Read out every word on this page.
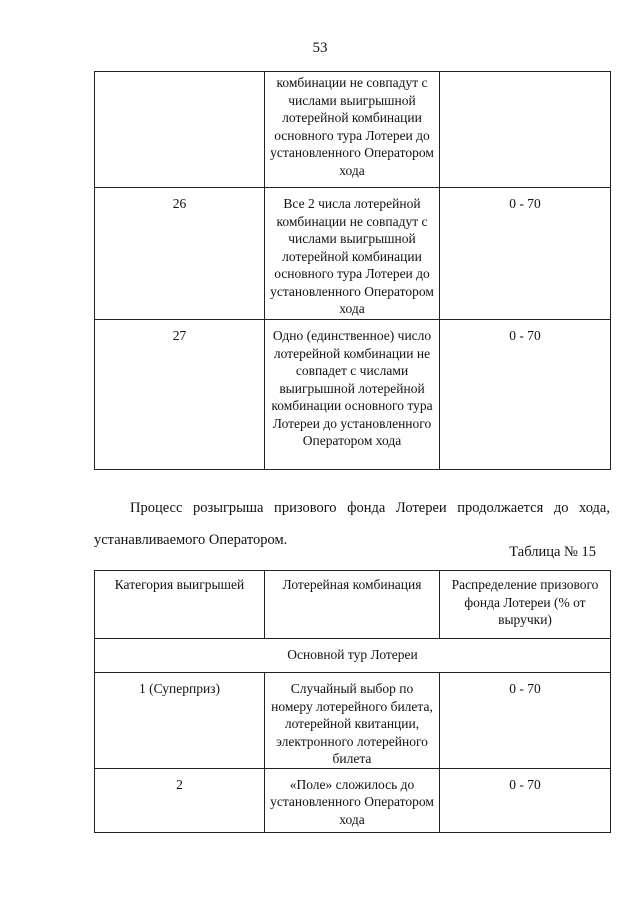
53
	комбинации не совпадут с числами выигрышной лотерейной комбинации основного тура Лотереи до установленного Оператором хода	
26	Все 2 числа лотерейной комбинации не совпадут с числами выигрышной лотерейной комбинации основного тура Лотереи до установленного Оператором хода	0 - 70
27	Одно (единственное) число лотерейной комбинации не совпадет с числами выигрышной лотерейной комбинации основного тура Лотереи до установленного Оператором хода	0 - 70
Процесс розыгрыша призового фонда Лотереи продолжается до хода, устанавливаемого Оператором.
Таблица № 15
Категория выигрышей	Лотерейная комбинация	Распределение призового фонда Лотереи (% от выручки)
Основной тур Лотереи		
1 (Суперприз)	Случайный выбор по номеру лотерейного билета, лотерейной квитанции, электронного лотерейного билета	0 - 70
2	«Поле» сложилось до установленного Оператором хода	0 - 70
